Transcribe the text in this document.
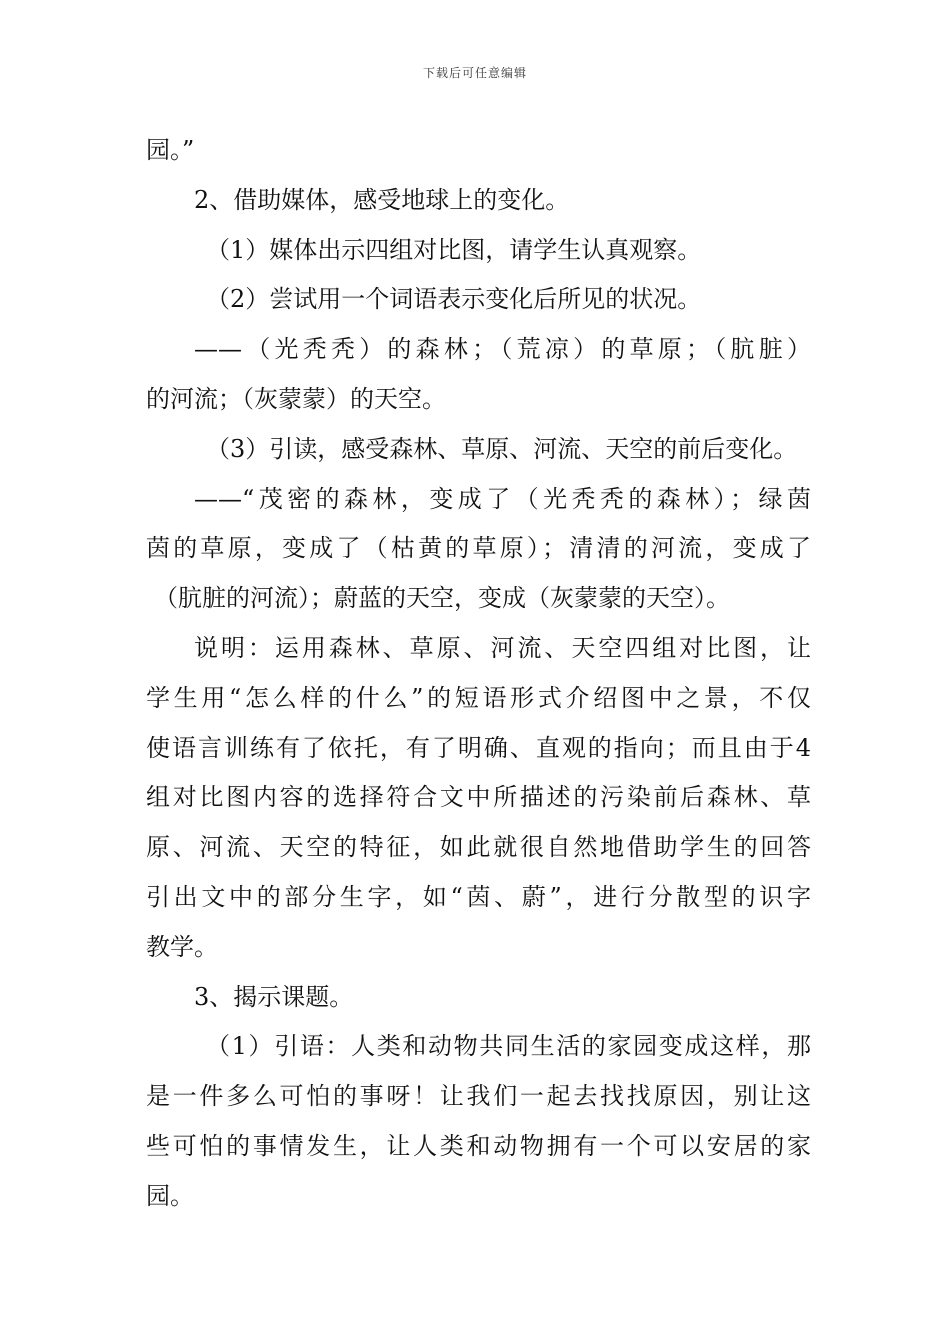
下载后可任意编辑
园。”
2、借助媒体，感受地球上的变化。
（1）媒体出示四组对比图，请学生认真观察。
（2）尝试用一个词语表示变化后所见的状况。
——（光秃秃）的森林；（荒凉）的草原；（肮脏）
的河流；（灰蒙蒙）的天空。
（3）引读，感受森林、草原、河流、天空的前后变化。
——“茂密的森林，变成了（光秃秃的森林）；绿茵
茵的草原，变成了（枯黄的草原）；清清的河流，变成了
（肮脏的河流）；蔚蓝的天空，变成（灰蒙蒙的天空）。
说明：运用森林、草原、河流、天空四组对比图，让
学生用“怎么样的什么”的短语形式介绍图中之景，不仅
使语言训练有了依托，有了明确、直观的指向；而且由于4
组对比图内容的选择符合文中所描述的污染前后森林、草
原、河流、天空的特征，如此就很自然地借助学生的回答
引出文中的部分生字，如“茵、蔚”，进行分散型的识字
教学。
3、揭示课题。
（1）引语：人类和动物共同生活的家园变成这样，那
是一件多么可怕的事呀！让我们一起去找找原因，别让这
些可怕的事情发生，让人类和动物拥有一个可以安居的家
园。
